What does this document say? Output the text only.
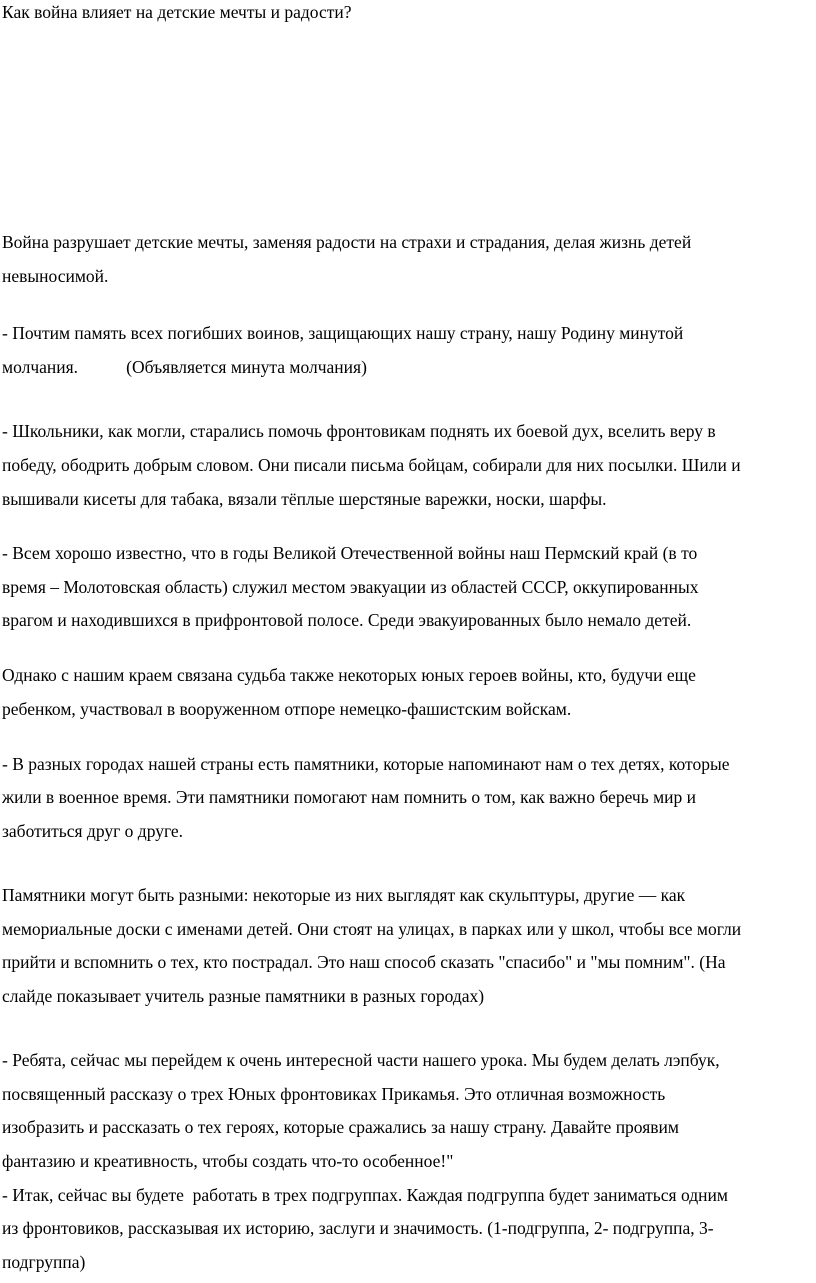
Как война влияет на детские мечты и радости?

Война разрушает детские мечты, заменяя радости на страхи и страдания, делая жизнь детей

невыносимой.

- Почтим память всех погибших воинов, защищающих нашу страну, нашу Родину минутой

молчания.           (Объявляется минута молчания)

- Школьники, как могли, старались помочь фронтовикам поднять их боевой дух, вселить веру в

победу, ободрить добрым словом. Они писали письма бойцам, собирали для них посылки. Шили и

вышивали кисеты для табака, вязали тёплые шерстяные варежки, носки, шарфы.

- Всем хорошо известно, что в годы Великой Отечественной войны наш Пермский край (в то

время – Молотовская область) служил местом эвакуации из областей СССР, оккупированных

врагом и находившихся в прифронтовой полосе. Среди эвакуированных было немало детей.

Однако с нашим краем связана судьба также некоторых юных героев войны, кто, будучи еще

ребенком, участвовал в вооруженном отпоре немецко-фашистским войскам.

- В разных городах нашей страны есть памятники, которые напоминают нам о тех детях, которые

жили в военное время. Эти памятники помогают нам помнить о том, как важно беречь мир и

заботиться друг о друге.

Памятники могут быть разными: некоторые из них выглядят как скульптуры, другие — как

мемориальные доски с именами детей. Они стоят на улицах, в парках или у школ, чтобы все могли

прийти и вспомнить о тех, кто пострадал. Это наш способ сказать "спасибо" и "мы помним". (На

слайде показывает учитель разные памятники в разных городах)

- Ребята, сейчас мы перейдем к очень интересной части нашего урока. Мы будем делать лэпбук,

посвященный рассказу о трех Юных фронтовиках Прикамья. Это отличная возможность

изобразить и рассказать о тех героях, которые сражались за нашу страну. Давайте проявим

фантазию и креативность, чтобы создать что-то особенное!"

- Итак, сейчас вы будете  работать в трех подгруппах. Каждая подгруппа будет заниматься одним

из фронтовиков, рассказывая их историю, заслуги и значимость. (1-подгруппа, 2- подгруппа, 3-

подгруппа)
